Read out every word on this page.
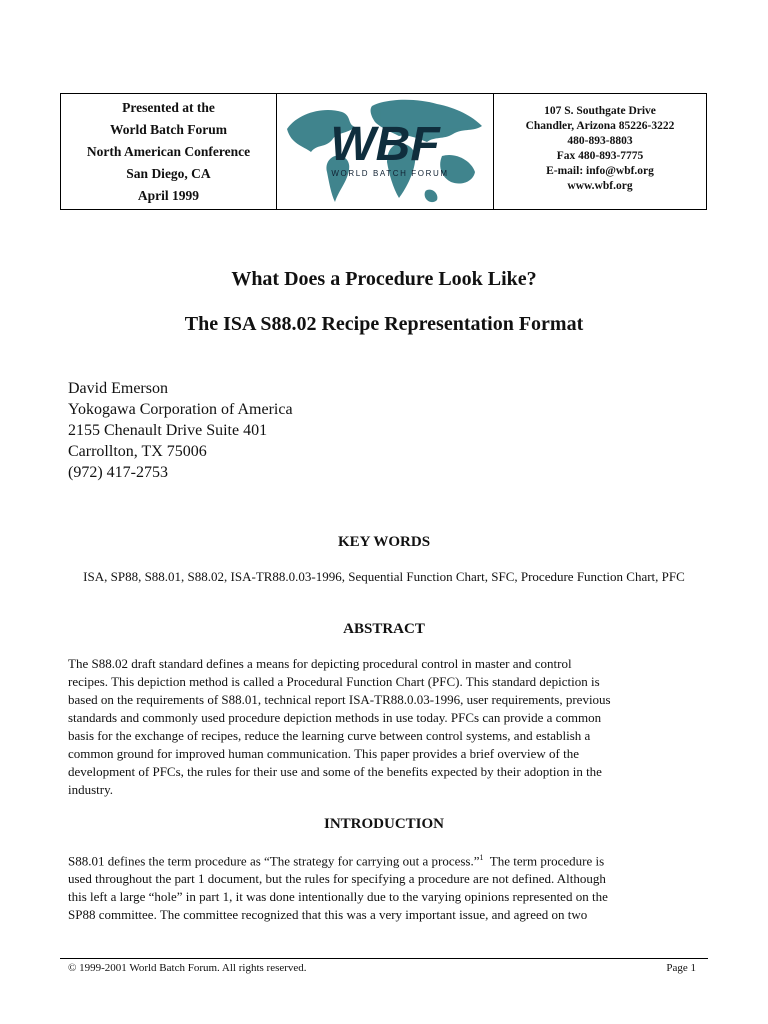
Presented at the
World Batch Forum
North American Conference
San Diego, CA
April 1999
WBF
WORLD BATCH FORUM
107 S. Southgate Drive
Chandler, Arizona 85226-3222
480-893-8803
Fax 480-893-7775
E-mail: info@wbf.org
www.wbf.org
What Does a Procedure Look Like?
The ISA S88.02 Recipe Representation Format
David Emerson
Yokogawa Corporation of America
2155 Chenault Drive Suite 401
Carrollton, TX 75006
(972) 417-2753
KEY WORDS
ISA, SP88, S88.01, S88.02, ISA-TR88.0.03-1996, Sequential Function Chart, SFC, Procedure Function Chart, PFC
ABSTRACT
The S88.02 draft standard defines a means for depicting procedural control in master and control
recipes. This depiction method is called a Procedural Function Chart (PFC). This standard depiction is
based on the requirements of S88.01, technical report ISA-TR88.0.03-1996, user requirements, previous
standards and commonly used procedure depiction methods in use today. PFCs can provide a common
basis for the exchange of recipes, reduce the learning curve between control systems, and establish a
common ground for improved human communication. This paper provides a brief overview of the
development of PFCs, the rules for their use and some of the benefits expected by their adoption in the
industry.
INTRODUCTION
S88.01 defines the term procedure as “The strategy for carrying out a process.”$^1$  The term procedure is
used throughout the part 1 document, but the rules for specifying a procedure are not defined. Although
this left a large “hole” in part 1, it was done intentionally due to the varying opinions represented on the
SP88 committee. The committee recognized that this was a very important issue, and agreed on two
© 1999-2001 World Batch Forum. All rights reserved.	Page 1
